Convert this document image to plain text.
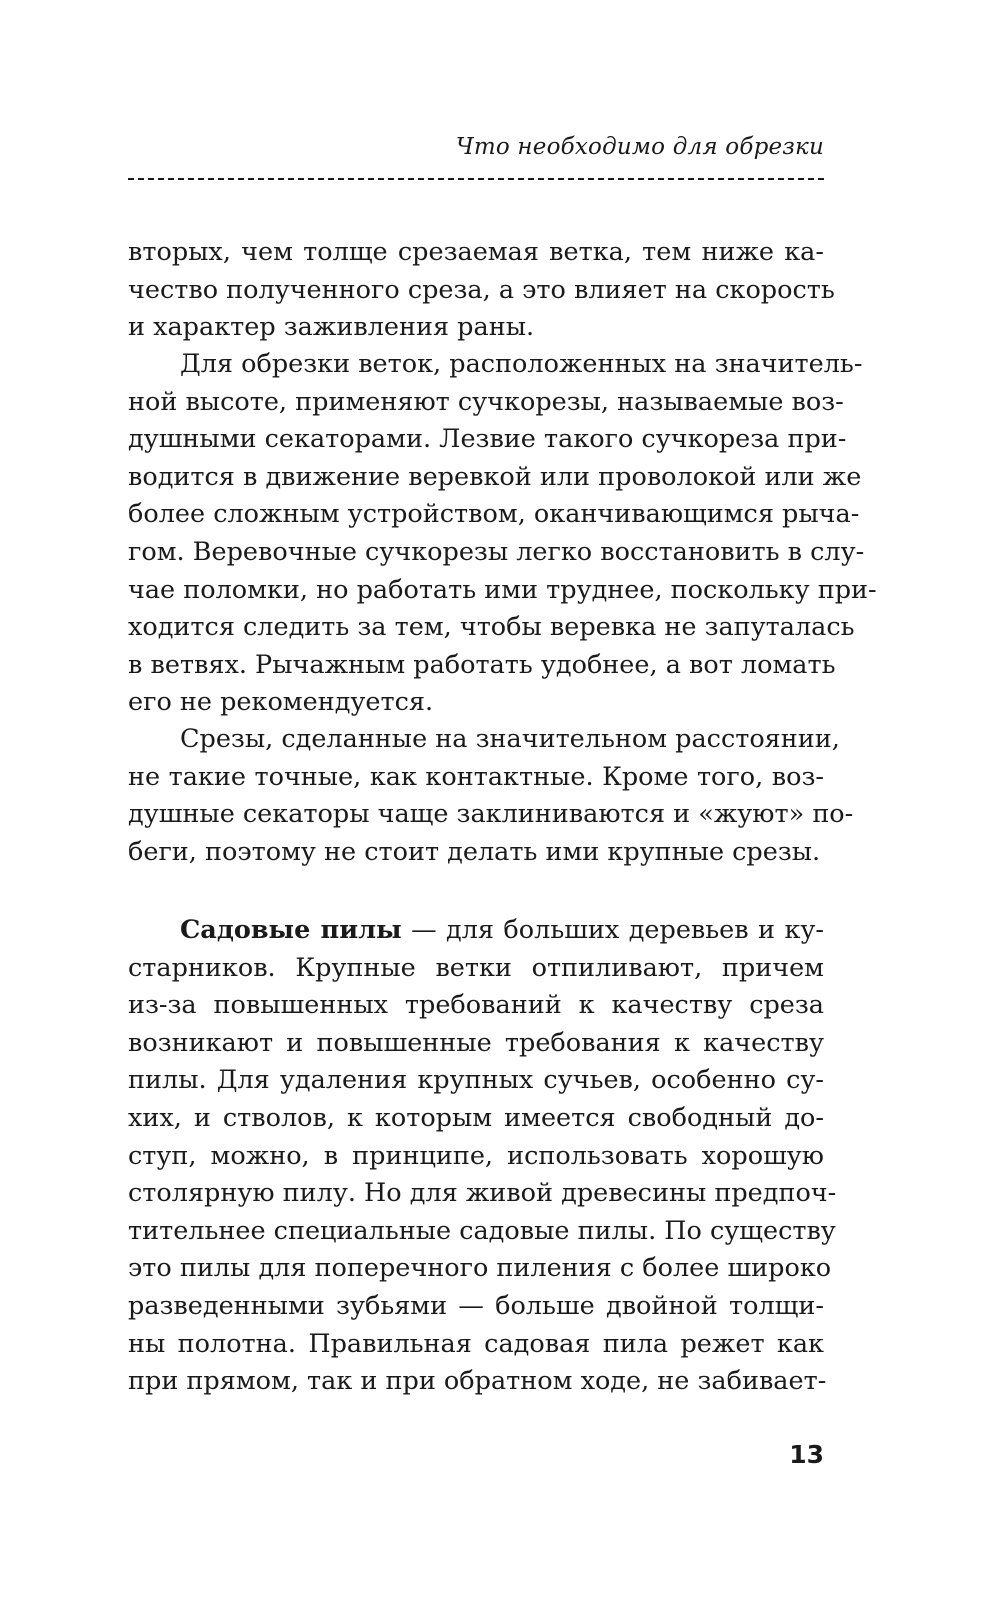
Что необходимо для обрезки
вторых, чем толще срезаемая ветка, тем ниже ка-
чество полученного среза, а это влияет на скорость
и характер заживления раны.
Для обрезки веток, расположенных на значитель-
ной высоте, применяют сучкорезы, называемые воз-
душными секаторами. Лезвие такого сучкореза при-
водится в движение веревкой или проволокой или же
более сложным устройством, оканчивающимся рыча-
гом. Веревочные сучкорезы легко восстановить в слу-
чае поломки, но работать ими труднее, поскольку при-
ходится следить за тем, чтобы веревка не запуталась
в ветвях. Рычажным работать удобнее, а вот ломать
его не рекомендуется.
Срезы, сделанные на значительном расстоянии,
не такие точные, как контактные. Кроме того, воз-
душные секаторы чаще заклиниваются и «жуют» по-
беги, поэтому не стоит делать ими крупные срезы.
Садовые пилы — для больших деревьев и ку-
старников. Крупные ветки отпиливают, причем
из-за повышенных требований к качеству среза
возникают и повышенные требования к качеству
пилы. Для удаления крупных сучьев, особенно су-
хих, и стволов, к которым имеется свободный до-
ступ, можно, в принципе, использовать хорошую
столярную пилу. Но для живой древесины предпоч-
тительнее специальные садовые пилы. По существу
это пилы для поперечного пиления с более широко
разведенными зубьями — больше двойной толщи-
ны полотна. Правильная садовая пила режет как
при прямом, так и при обратном ходе, не забивает-
13
